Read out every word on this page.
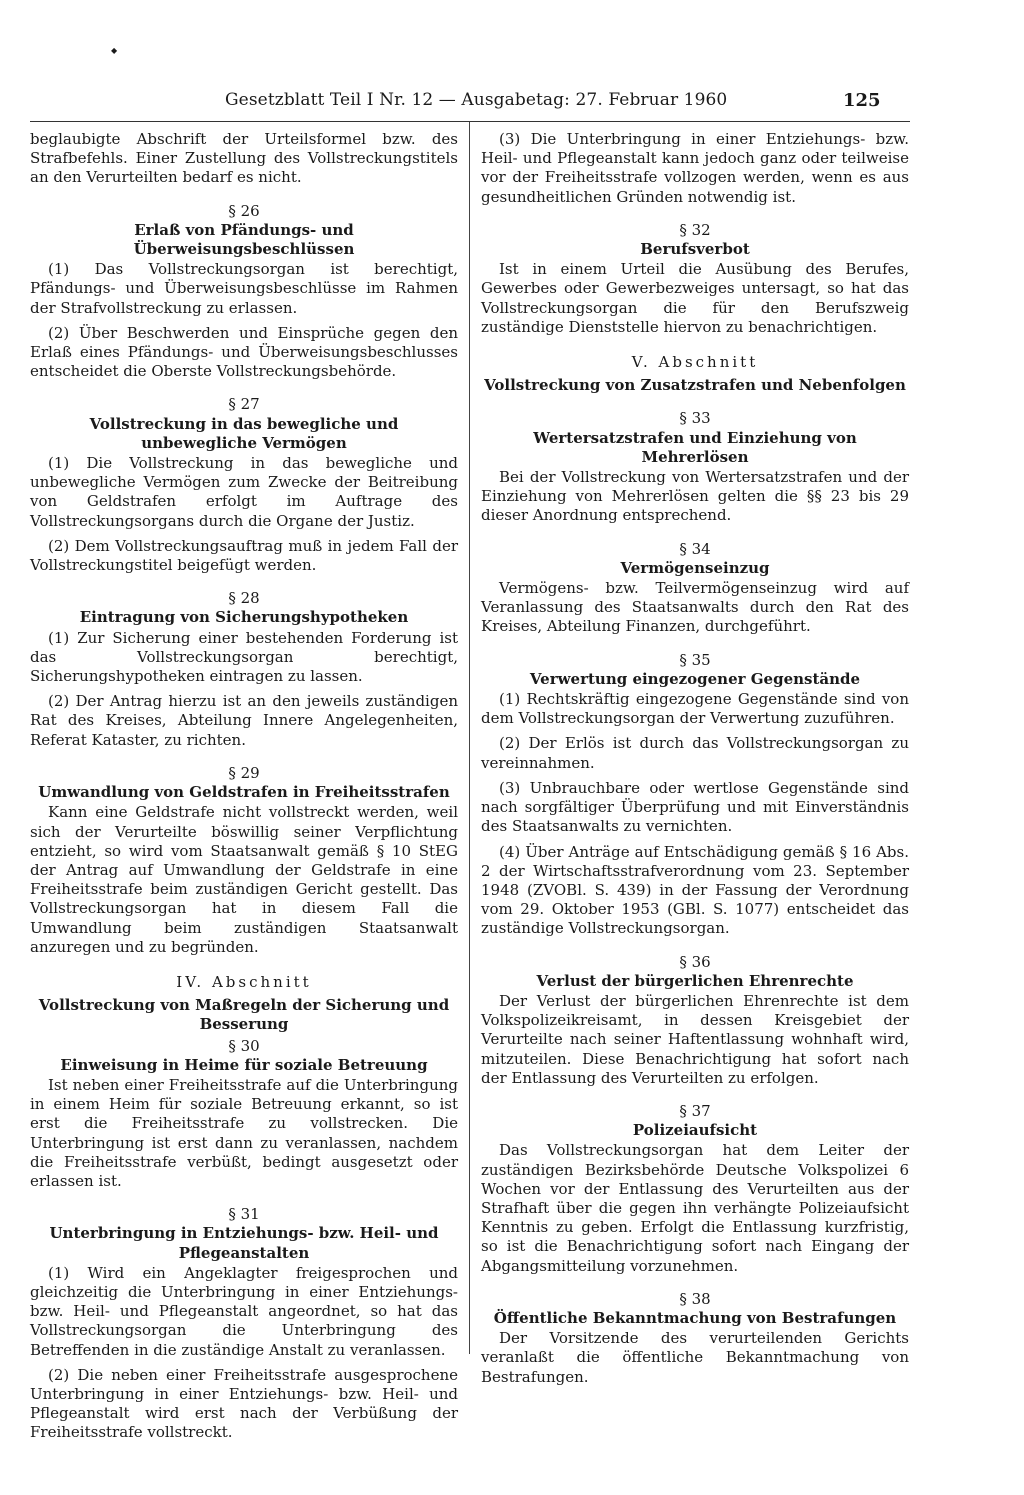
◆
Gesetzblatt Teil I Nr. 12 — Ausgabetag: 27. Februar 1960	125

beglaubigte Abschrift der Urteilsformel bzw. des Strafbefehls. Einer Zustellung des Vollstreckungstitels an den Verurteilten bedarf es nicht.

§ 26
Erlaß von Pfändungs- und Überweisungsbeschlüssen

(1) Das Vollstreckungsorgan ist berechtigt, Pfändungs- und Überweisungsbeschlüsse im Rahmen der Strafvollstreckung zu erlassen.

(2) Über Beschwerden und Einsprüche gegen den Erlaß eines Pfändungs- und Überweisungsbeschlusses entscheidet die Oberste Vollstreckungsbehörde.

§ 27
Vollstreckung in das bewegliche und unbewegliche Vermögen

(1) Die Vollstreckung in das bewegliche und unbewegliche Vermögen zum Zwecke der Beitreibung von Geldstrafen erfolgt im Auftrage des Vollstreckungsorgans durch die Organe der Justiz.

(2) Dem Vollstreckungsauftrag muß in jedem Fall der Vollstreckungstitel beigefügt werden.

§ 28
Eintragung von Sicherungshypotheken

(1) Zur Sicherung einer bestehenden Forderung ist das Vollstreckungsorgan berechtigt, Sicherungshypotheken eintragen zu lassen.

(2) Der Antrag hierzu ist an den jeweils zuständigen Rat des Kreises, Abteilung Innere Angelegenheiten, Referat Kataster, zu richten.

§ 29
Umwandlung von Geldstrafen in Freiheitsstrafen

Kann eine Geldstrafe nicht vollstreckt werden, weil sich der Verurteilte böswillig seiner Verpflichtung entzieht, so wird vom Staatsanwalt gemäß § 10 StEG der Antrag auf Umwandlung der Geldstrafe in eine Freiheitsstrafe beim zuständigen Gericht gestellt. Das Vollstreckungsorgan hat in diesem Fall die Umwandlung beim zuständigen Staatsanwalt anzuregen und zu begründen.

IV. Abschnitt
Vollstreckung von Maßregeln der Sicherung und Besserung
§ 30
Einweisung in Heime für soziale Betreuung

Ist neben einer Freiheitsstrafe auf die Unterbringung in einem Heim für soziale Betreuung erkannt, so ist erst die Freiheitsstrafe zu vollstrecken. Die Unterbringung ist erst dann zu veranlassen, nachdem die Freiheitsstrafe verbüßt, bedingt ausgesetzt oder erlassen ist.

§ 31
Unterbringung in Entziehungs- bzw. Heil- und Pflegeanstalten

(1) Wird ein Angeklagter freigesprochen und gleichzeitig die Unterbringung in einer Entziehungs- bzw. Heil- und Pflegeanstalt angeordnet, so hat das Vollstreckungsorgan die Unterbringung des Betreffenden in die zuständige Anstalt zu veranlassen.

(2) Die neben einer Freiheitsstrafe ausgesprochene Unterbringung in einer Entziehungs- bzw. Heil- und Pflegeanstalt wird erst nach der Verbüßung der Freiheitsstrafe vollstreckt.

(3) Die Unterbringung in einer Entziehungs- bzw. Heil- und Pflegeanstalt kann jedoch ganz oder teilweise vor der Freiheitsstrafe vollzogen werden, wenn es aus gesundheitlichen Gründen notwendig ist.

§ 32
Berufsverbot

Ist in einem Urteil die Ausübung des Berufes, Gewerbes oder Gewerbezweiges untersagt, so hat das Vollstreckungsorgan die für den Berufszweig zuständige Dienststelle hiervon zu benachrichtigen.

V. Abschnitt
Vollstreckung von Zusatzstrafen und Nebenfolgen
§ 33
Wertersatzstrafen und Einziehung von Mehrerlösen

Bei der Vollstreckung von Wertersatzstrafen und der Einziehung von Mehrerlösen gelten die §§ 23 bis 29 dieser Anordnung entsprechend.

§ 34
Vermögenseinzug

Vermögens- bzw. Teilvermögenseinzug wird auf Veranlassung des Staatsanwalts durch den Rat des Kreises, Abteilung Finanzen, durchgeführt.

§ 35
Verwertung eingezogener Gegenstände

(1) Rechtskräftig eingezogene Gegenstände sind von dem Vollstreckungsorgan der Verwertung zuzuführen.

(2) Der Erlös ist durch das Vollstreckungsorgan zu vereinnahmen.

(3) Unbrauchbare oder wertlose Gegenstände sind nach sorgfältiger Überprüfung und mit Einverständnis des Staatsanwalts zu vernichten.

(4) Über Anträge auf Entschädigung gemäß § 16 Abs. 2 der Wirtschaftsstrafverordnung vom 23. September 1948 (ZVOBl. S. 439) in der Fassung der Verordnung vom 29. Oktober 1953 (GBl. S. 1077) entscheidet das zuständige Vollstreckungsorgan.

§ 36
Verlust der bürgerlichen Ehrenrechte

Der Verlust der bürgerlichen Ehrenrechte ist dem Volkspolizeikreisamt, in dessen Kreisgebiet der Verurteilte nach seiner Haftentlassung wohnhaft wird, mitzuteilen. Diese Benachrichtigung hat sofort nach der Entlassung des Verurteilten zu erfolgen.

§ 37
Polizeiaufsicht

Das Vollstreckungsorgan hat dem Leiter der zuständigen Bezirksbehörde Deutsche Volkspolizei 6 Wochen vor der Entlassung des Verurteilten aus der Strafhaft über die gegen ihn verhängte Polizeiaufsicht Kenntnis zu geben. Erfolgt die Entlassung kurzfristig, so ist die Benachrichtigung sofort nach Eingang der Abgangsmitteilung vorzunehmen.

§ 38
Öffentliche Bekanntmachung von Bestrafungen

Der Vorsitzende des verurteilenden Gerichts veranlaßt die öffentliche Bekanntmachung von Bestrafungen.
